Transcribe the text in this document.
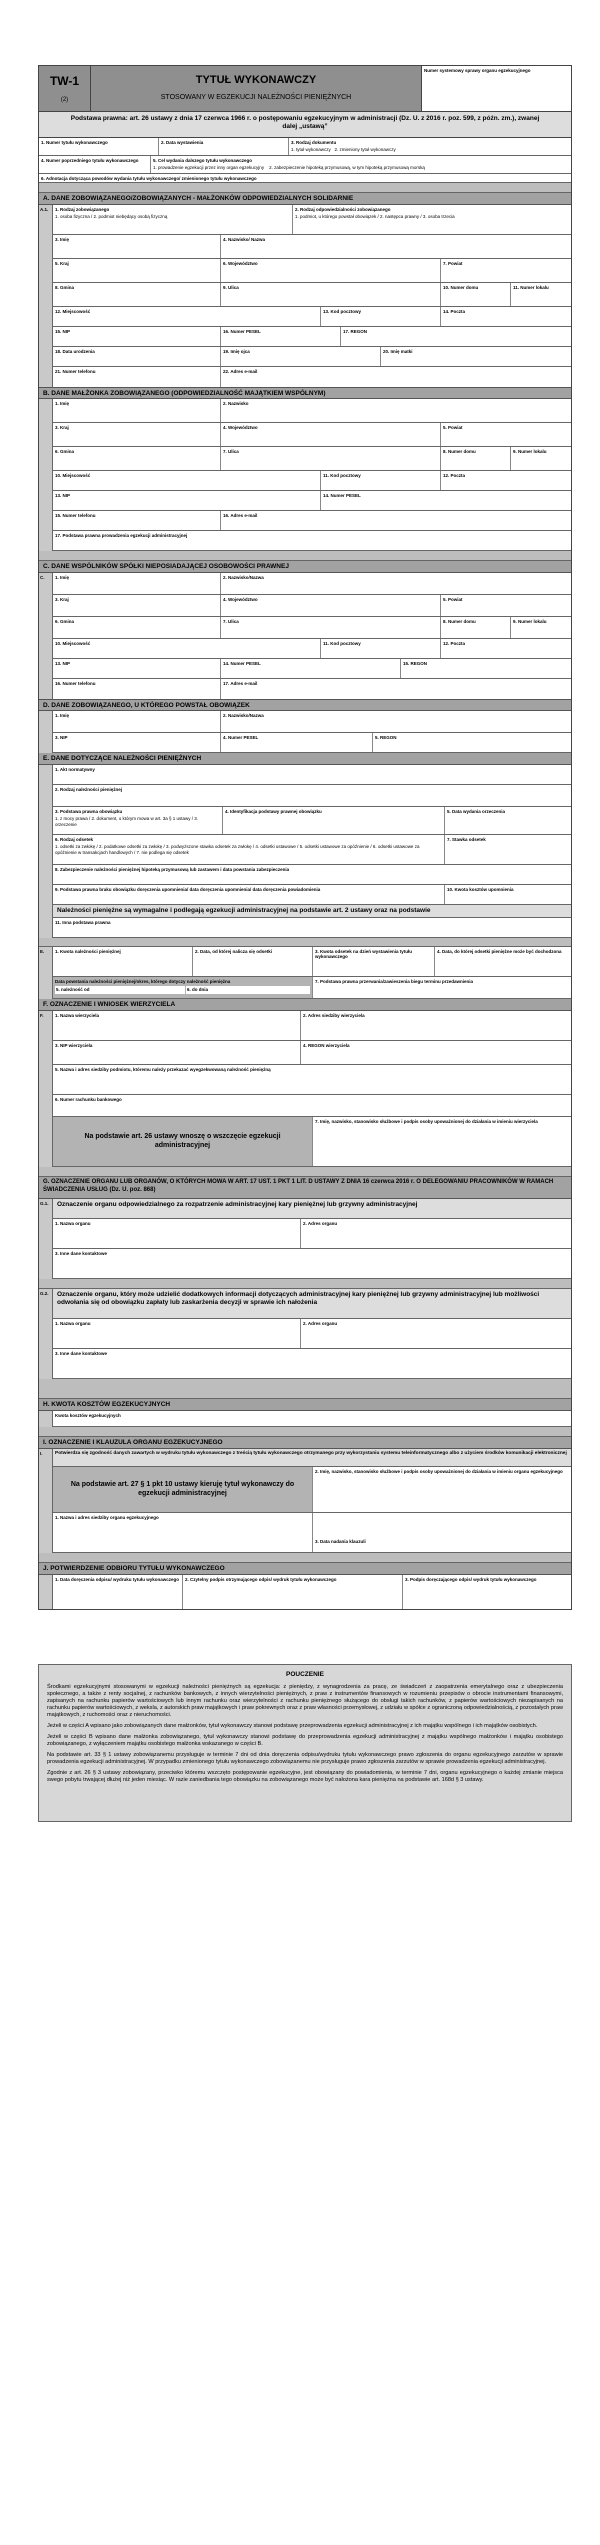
TW-1
(2)
TYTUŁ WYKONAWCZY
STOSOWANY W EGZEKUCJI NALEŻNOŚCI PIENIĘŻNYCH
Numer systemowy sprawy organu egzekucyjnego
Podstawa prawna: art. 26 ustawy z dnia 17 czerwca 1966 r. o postępowaniu egzekucyjnym w administracji (Dz. U. z 2016 r. poz. 599, z późn. zm.), zwanej dalej „ustawą”
1. Numer tytułu wykonawczego	2. Data wystawienia	3. Rodzaj dokumentu
1. tytuł wykonawczy 2. zmieniony tytuł wykonawczy
4. Numer poprzedniego tytułu wykonawczego	5. Cel wydania dalszego tytułu wykonawczego
1. prowadzenie egzekucji przez inny organ egzekucyjny 2. zabezpieczenie hipoteką przymusową, w tym hipoteką przymusową morską
6. Adnotacja dotycząca powodów wydania tytułu wykonawczego/ zmienionego tytułu wykonawczego
A. DANE ZOBOWIĄZANEGO/ZOBOWIĄZANYCH - MAŁŻONKÓW ODPOWIEDZIALNYCH SOLIDARNIE
A.1.	1. Rodzaj zobowiązanego
1. osoba fizyczna / 2. podmiot niebędący osobą fizyczną
2. Rodzaj odpowiedzialności zobowiązanego
1. podmiot, u którego powstał obowiązek / 2. następca prawny / 3. osoba trzecia
3. Imię	4. Nazwisko/ Nazwa
5. Kraj	6. Województwo	7. Powiat
8. Gmina	9. Ulica	10. Numer domu	11. Numer lokalu
12. Miejscowość	13. Kod pocztowy	14. Poczta
15. NIP	16. Numer PESEL	17. REGON
18. Data urodzenia	19. Imię ojca	20. Imię matki
21. Numer telefonu	22. Adres e-mail
B. DANE MAŁŻONKA ZOBOWIĄZANEGO (ODPOWIEDZIALNOŚĆ MAJĄTKIEM WSPÓLNYM)
1. Imię	2. Nazwisko
3. Kraj	4. Województwo	5. Powiat
6. Gmina	7. Ulica	8. Numer domu	9. Numer lokalu
10. Miejscowość	11. Kod pocztowy	12. Poczta
13. NIP	14. Numer PESEL
15. Numer telefonu	16. Adres e-mail
17. Podstawa prawna prowadzenia egzekucji administracyjnej
C. DANE WSPÓLNIKÓW SPÓŁKI NIEPOSIADAJĄCEJ OSOBOWOŚCI PRAWNEJ
C.	1. Imię	2. Nazwisko/Nazwa
3. Kraj	4. Województwo	5. Powiat
6. Gmina	7. Ulica	8. Numer domu	9. Numer lokalu
10. Miejscowość	11. Kod pocztowy	12. Poczta
13. NIP	14. Numer PESEL	15. REGON
16. Numer telefonu	17. Adres e-mail
D. DANE ZOBOWIĄZANEGO, U KTÓREGO POWSTAŁ OBOWIĄZEK
1. Imię	2. Nazwisko/Nazwa
3. NIP	4. Numer PESEL	5. REGON
E. DANE DOTYCZĄCE NALEŻNOŚCI PIENIĘŻNYCH
1. Akt normatywny
2. Rodzaj należności pieniężnej
3. Podstawa prawna obowiązku
1. z mocy prawa / 2. dokument, o którym mowa w art. 3a § 1 ustawy / 3. orzeczenie
4. Identyfikacja podstawy prawnej obowiązku	5. Data wydania orzeczenia
6. Rodzaj odsetek
1. odsetki za zwłokę / 2. podatkowe odsetki za zwłokę / 3. podwyższone stawka odsetek za zwłokę / 4. odsetki ustawowe / 5. odsetki ustawowe za opóźnienie / 6. odsetki ustawowe za opóźnienie w transakcjach handlowych / 7. nie podlega się odsetek
7. Stawka odsetek
8. Zabezpieczenie należności pieniężnej hipoteką przymusową lub zastawem i data powstania zabezpieczenia
9. Podstawa prawna braku obowiązku doręczenia upomnienia/ data doręczenia upomnienia/ data doręczenia powiadomienia	10. Kwota kosztów upomnienia
Należności pieniężne są wymagalne i podlegają egzekucji administracyjnej na podstawie art. 2 ustawy oraz na podstawie
11. Inna podstawa prawna
E.	1. Kwota należności pieniężnej	2. Data, od której nalicza się odsetki	3. Kwota odsetek na dzień wystawienia tytułu wykonawczego
4. Data, do której odsetki pieniężne może być dochodzona
Data powstania należności pieniężnej/okres, którego dotyczy należność pieniężna
5. należność od	6. do dnia
7. Podstawa prawna przerwania/zawieszenia biegu terminu przedawnienia
F. OZNACZENIE I WNIOSEK WIERZYCIELA
F.	1. Nazwa wierzyciela	2. Adres siedziby wierzyciela
3. NIP wierzyciela	4. REGON wierzyciela
5. Nazwa i adres siedziby podmiotu, któremu należy przekazać wyegzekwowaną należność pieniężną
6. Numer rachunku bankowego
Na podstawie art. 26 ustawy wnoszę o wszczęcie egzekucji administracyjnej
7. Imię, nazwisko, stanowisko służbowe i podpis osoby upoważnionej do działania w imieniu wierzyciela
G. OZNACZENIE ORGANU LUB ORGANÓW, O KTÓRYCH MOWA W ART. 17 UST. 1 PKT 1 LIT. D USTAWY Z DNIA 16 czerwca 2016 r. O DELEGOWANIU PRACOWNIKÓW W RAMACH ŚWIADCZENIA USŁUG (Dz. U. poz. 868)
G.1.	Oznaczenie organu odpowiedzialnego za rozpatrzenie administracyjnej kary pieniężnej lub grzywny administracyjnej
1. Nazwa organu	2. Adres organu
3. Inne dane kontaktowe
G.2.	Oznaczenie organu, który może udzielić dodatkowych informacji dotyczących administracyjnej kary pieniężnej lub grzywny administracyjnej lub możliwości odwołania się od obowiązku zapłaty lub zaskarżenia decyzji w sprawie ich nałożenia
1. Nazwa organu	2. Adres organu
3. Inne dane kontaktowe
H. KWOTA KOSZTÓW EGZEKUCYJNYCH
Kwota kosztów egzekucyjnych
I. OZNACZENIE I KLAUZULA ORGANU EGZEKUCYJNEGO
I.	Potwierdza się zgodność danych zawartych w wydruku tytułu wykonawczego z treścią tytułu wykonawczego otrzymanego przy wykorzystaniu systemu teleinformatycznego albo z użyciem środków komunikacji elektronicznej
Na podstawie art. 27 § 1 pkt 10 ustawy kieruję tytuł wykonawczy do egzekucji administracyjnej
2. Imię, nazwisko, stanowisko służbowe i podpis osoby upoważnionej do działania w imieniu organu egzekucyjnego
1. Nazwa i adres siedziby organu egzekucyjnego
3. Data nadania klauzuli
J. POTWIERDZENIE ODBIORU TYTUŁU WYKONAWCZEGO
1. Data doręczenia odpisu/ wydruku tytułu wykonawczego	2. Czytelny podpis otrzymującego odpis/ wydruk tytułu wykonawczego	3. Podpis doręczającego odpis/ wydruk tytułu wykonawczego
POUCZENIE

Środkami egzekucyjnymi stosowanymi w egzekucji należności pieniężnych są egzekucja: z pieniędzy, z wynagrodzenia za pracę, ze świadczeń z zaopatrzenia emerytalnego oraz z ubezpieczenia społecznego, a także z renty socjalnej, z rachunków bankowych, z innych wierzytelności pieniężnych, z praw z instrumentów finansowych w rozumieniu przepisów o obrocie instrumentami finansowymi, zapisanych na rachunku papierów wartościowych lub innym rachunku oraz wierzytelności z rachunku pieniężnego służącego do obsługi takich rachunków, z papierów wartościowych niezapisanych na rachunku papierów wartościowych, z weksla, z autorskich praw majątkowych i praw pokrewnych oraz z praw własności przemysłowej, z udziału w spółce z ograniczoną odpowiedzialnością, z pozostałych praw majątkowych, z ruchomości oraz z nieruchomości.

Jeżeli w części A wpisano jako zobowiązanych dane małżonków, tytuł wykonawczy stanowi podstawę przeprowadzenia egzekucji administracyjnej z ich majątku wspólnego i ich majątków osobistych.

Jeżeli w części B wpisano dane małżonka zobowiązanego, tytuł wykonawczy stanowi podstawę do przeprowadzenia egzekucji administracyjnej z majątku wspólnego małżonków i majątku osobistego zobowiązanego, z wyłączeniem majątku osobistego małżonka wskazanego w części B.

Na podstawie art. 33 § 1 ustawy zobowiązanemu przysługuje w terminie 7 dni od dnia doręczenia odpisu/wydruku tytułu wykonawczego prawo zgłoszenia do organu egzekucyjnego zarzutów w sprawie prowadzenia egzekucji administracyjnej. W przypadku zmienionego tytułu wykonawczego zobowiązanemu nie przysługuje prawo zgłoszenia zarzutów w sprawie prowadzenia egzekucji administracyjnej.

Zgodnie z art. 26 § 3 ustawy zobowiązany, przeciwko któremu wszczęto postępowanie egzekucyjne, jest obowiązany do powiadomienia, w terminie 7 dni, organu egzekucyjnego o każdej zmianie miejsca swego pobytu trwającej dłużej niż jeden miesiąc. W razie zaniedbania tego obowiązku na zobowiązanego może być nałożona kara pieniężna na podstawie art. 168d § 3 ustawy.
